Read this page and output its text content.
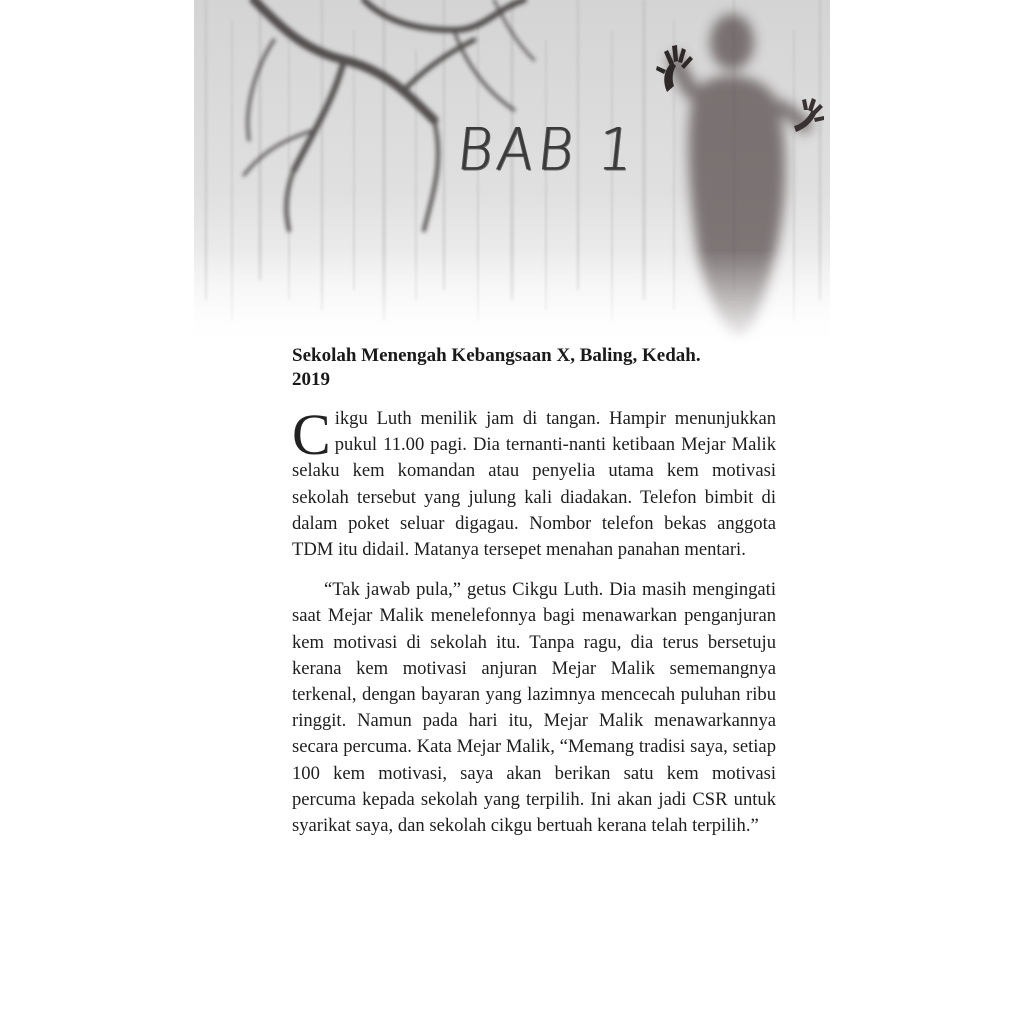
BAB 1
Sekolah Menengah Kebangsaan X, Baling, Kedah.
2019

Cikgu Luth menilik jam di tangan. Hampir menunjukkan pukul 11.00 pagi. Dia ternanti-nanti ketibaan Mejar Malik selaku kem komandan atau penyelia utama kem motivasi sekolah tersebut yang julung kali diadakan. Telefon bimbit di dalam poket seluar digagau. Nombor telefon bekas anggota TDM itu didail. Matanya tersepet menahan panahan mentari.

“Tak jawab pula,” getus Cikgu Luth. Dia masih mengingati saat Mejar Malik menelefonnya bagi menawarkan penganjuran kem motivasi di sekolah itu. Tanpa ragu, dia terus bersetuju kerana kem motivasi anjuran Mejar Malik sememangnya terkenal, dengan bayaran yang lazimnya mencecah puluhan ribu ringgit. Namun pada hari itu, Mejar Malik menawarkannya secara percuma. Kata Mejar Malik, “Memang tradisi saya, setiap 100 kem motivasi, saya akan berikan satu kem motivasi percuma kepada sekolah yang terpilih. Ini akan jadi CSR untuk syarikat saya, dan sekolah cikgu bertuah kerana telah terpilih.”
